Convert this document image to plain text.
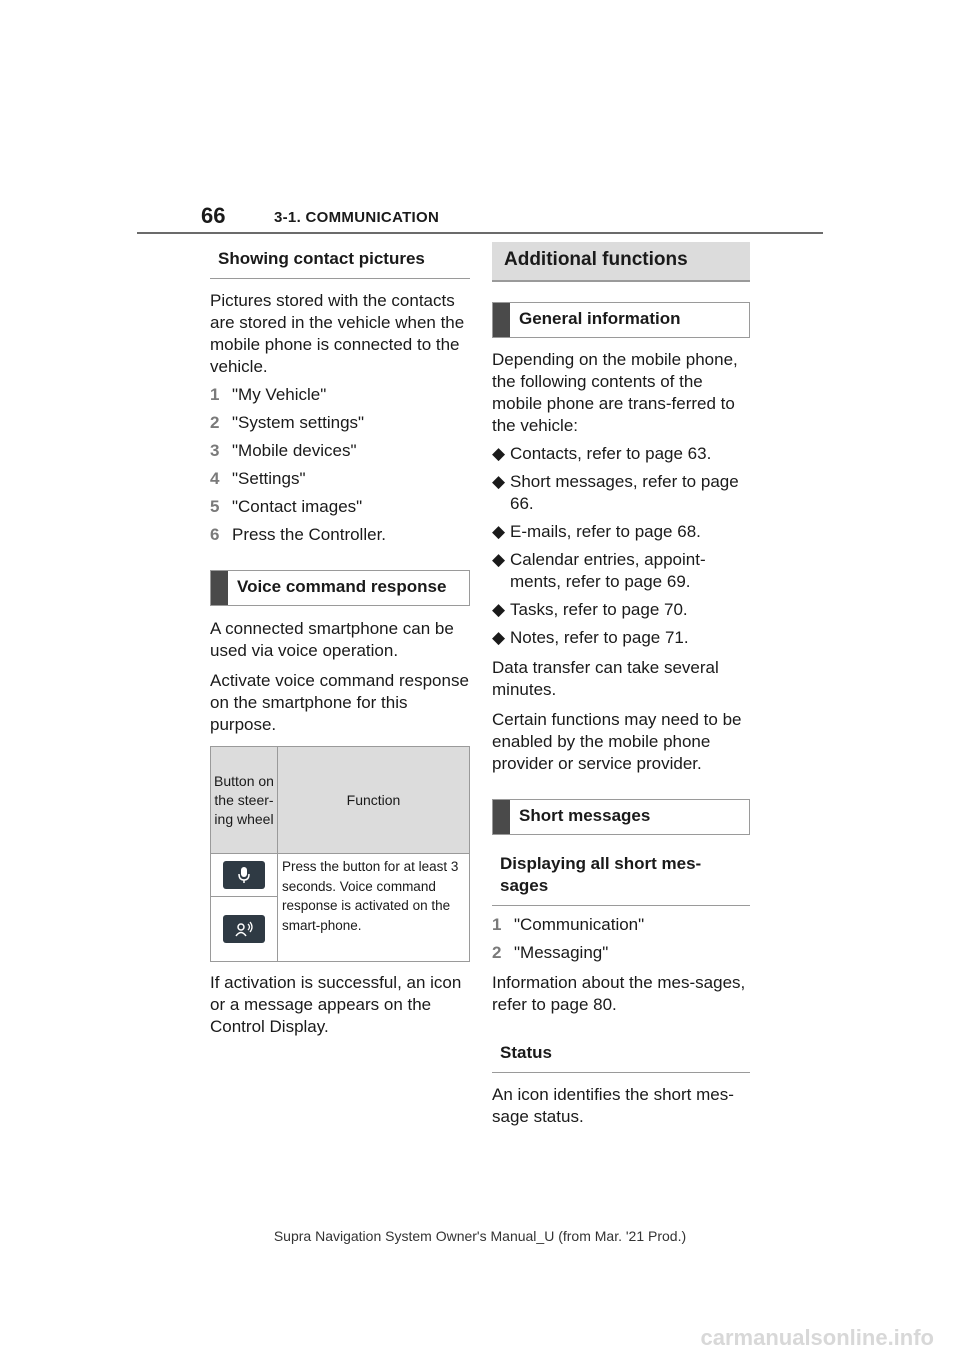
66	3-1. COMMUNICATION
Showing contact pictures

Pictures stored with the contacts are stored in the vehicle when the mobile phone is connected to the vehicle.

1 "My Vehicle"
2 "System settings"
3 "Mobile devices"
4 "Settings"
5 "Contact images"
6 Press the Controller.
Voice command response

A connected smartphone can be used via voice operation.

Activate voice command response on the smartphone for this purpose.

Button on the steer-ing wheel	Function

	Press the button for at least 3 seconds. Voice command response is activated on the smart-phone.

If activation is successful, an icon or a message appears on the Control Display.

Additional functions
General information

Depending on the mobile phone, the following contents of the mobile phone are trans-ferred to the vehicle:

◆ Contacts, refer to page 63.
◆ Short messages, refer to page 66.
◆ E-mails, refer to page 68.
◆ Calendar entries, appoint-ments, refer to page 69.
◆ Tasks, refer to page 70.
◆ Notes, refer to page 71.

Data transfer can take several minutes.

Certain functions may need to be enabled by the mobile phone provider or service provider.

Short messages
Displaying all short mes-sages
1 "Communication"
2 "Messaging"

Information about the mes-sages, refer to page 80.

Status

An icon identifies the short mes-sage status.

Supra Navigation System Owner's Manual_U (from Mar. '21 Prod.)
carmanualsonline.info
